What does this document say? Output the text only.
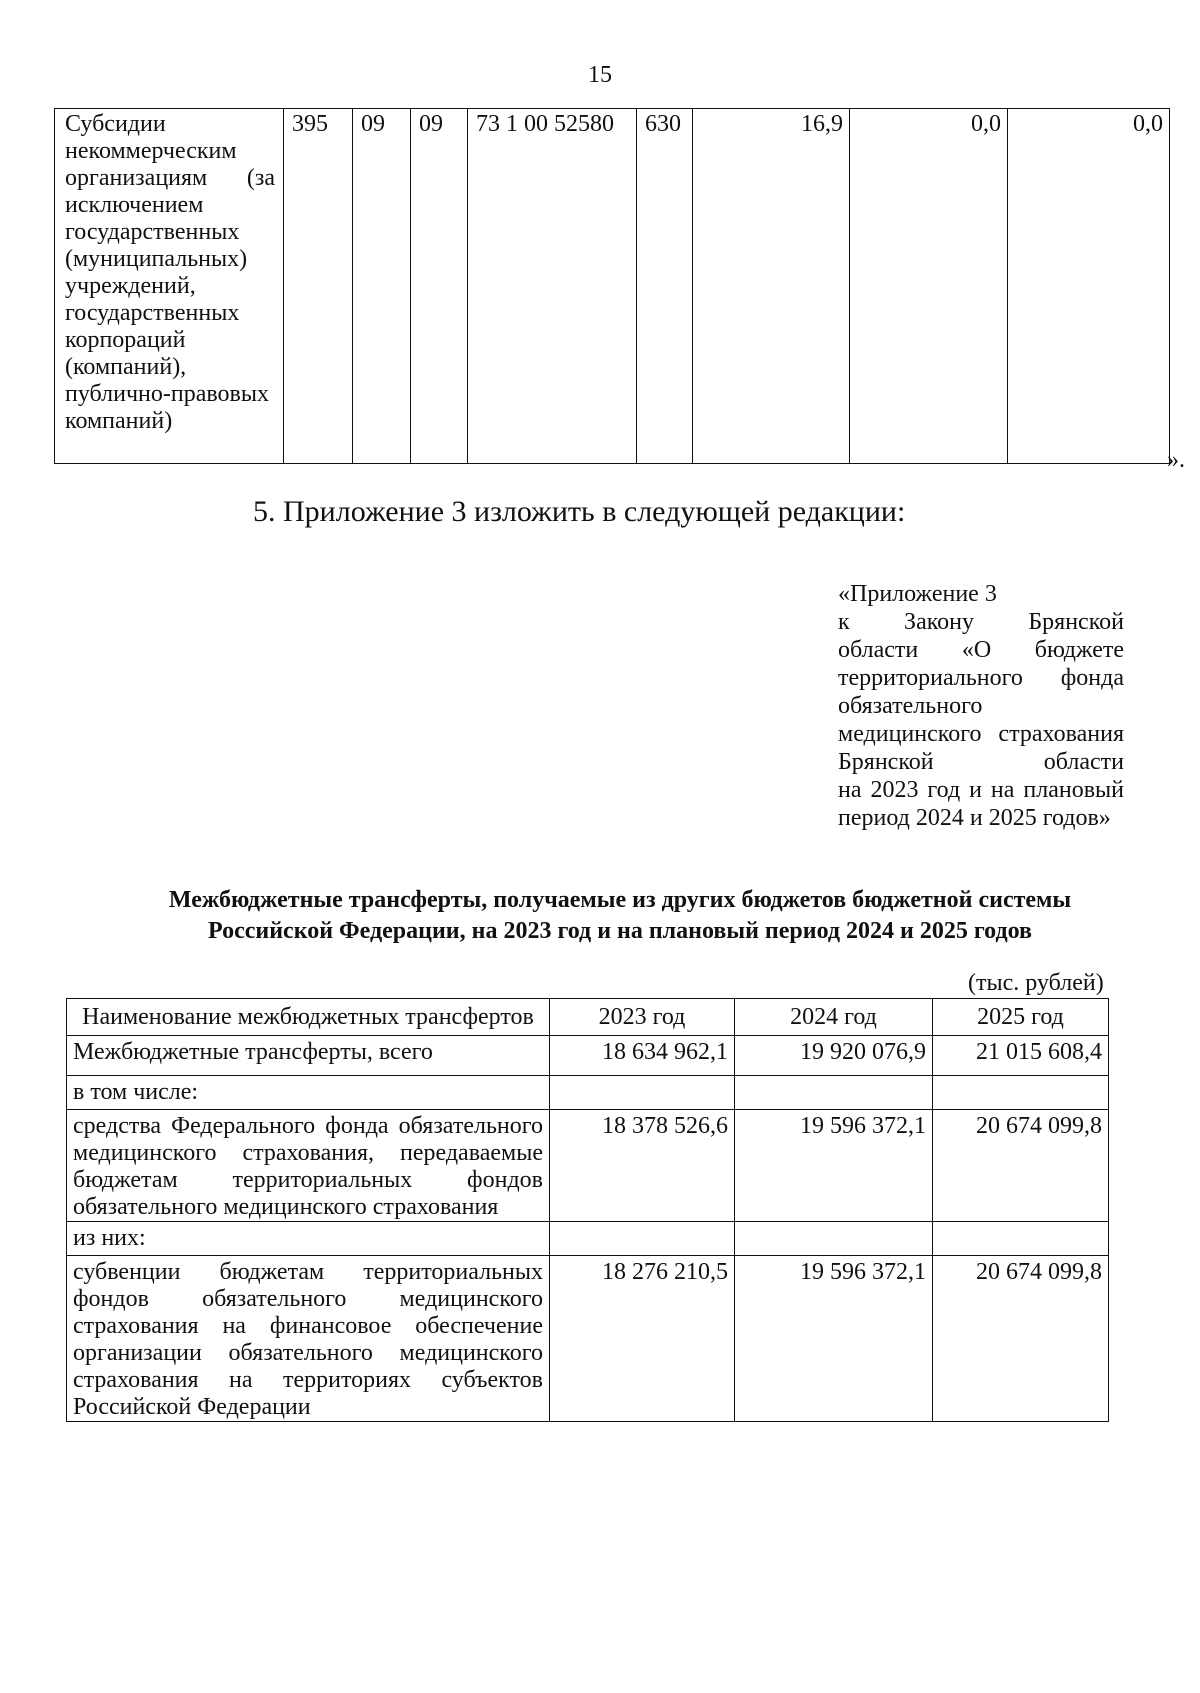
15
Субсидии некоммерческим организациям (за исключением государственных (муниципальных) учреждений, государственных корпораций (компаний), публично-правовых компаний)	395	09	09	73 1 00 52580	630	16,9	0,0	0,0
».
5. Приложение 3 изложить в следующей редакции:
«Приложение 3
к Закону Брянской
области «О бюджете
территориального фонда
обязательного
медицинского страхования
Брянской области
на 2023 год и на плановый
период 2024 и 2025 годов»
Межбюджетные трансферты, получаемые из других бюджетов бюджетной системы
Российской Федерации, на 2023 год и на плановый период 2024 и 2025 годов
(тыс. рублей)
Наименование межбюджетных трансфертов	2023 год	2024 год	2025 год
Межбюджетные трансферты, всего	18 634 962,1	19 920 076,9	21 015 608,4
в том числе:			
средства Федерального фонда обязательного медицинского страхования, передаваемые бюджетам территориальных фондов обязательного медицинского страхования	18 378 526,6	19 596 372,1	20 674 099,8
из них:			
субвенции бюджетам территориальных фондов обязательного медицинского страхования на финансовое обеспечение организации обязательного медицинского страхования на территориях субъектов Российской Федерации	18 276 210,5	19 596 372,1	20 674 099,8
